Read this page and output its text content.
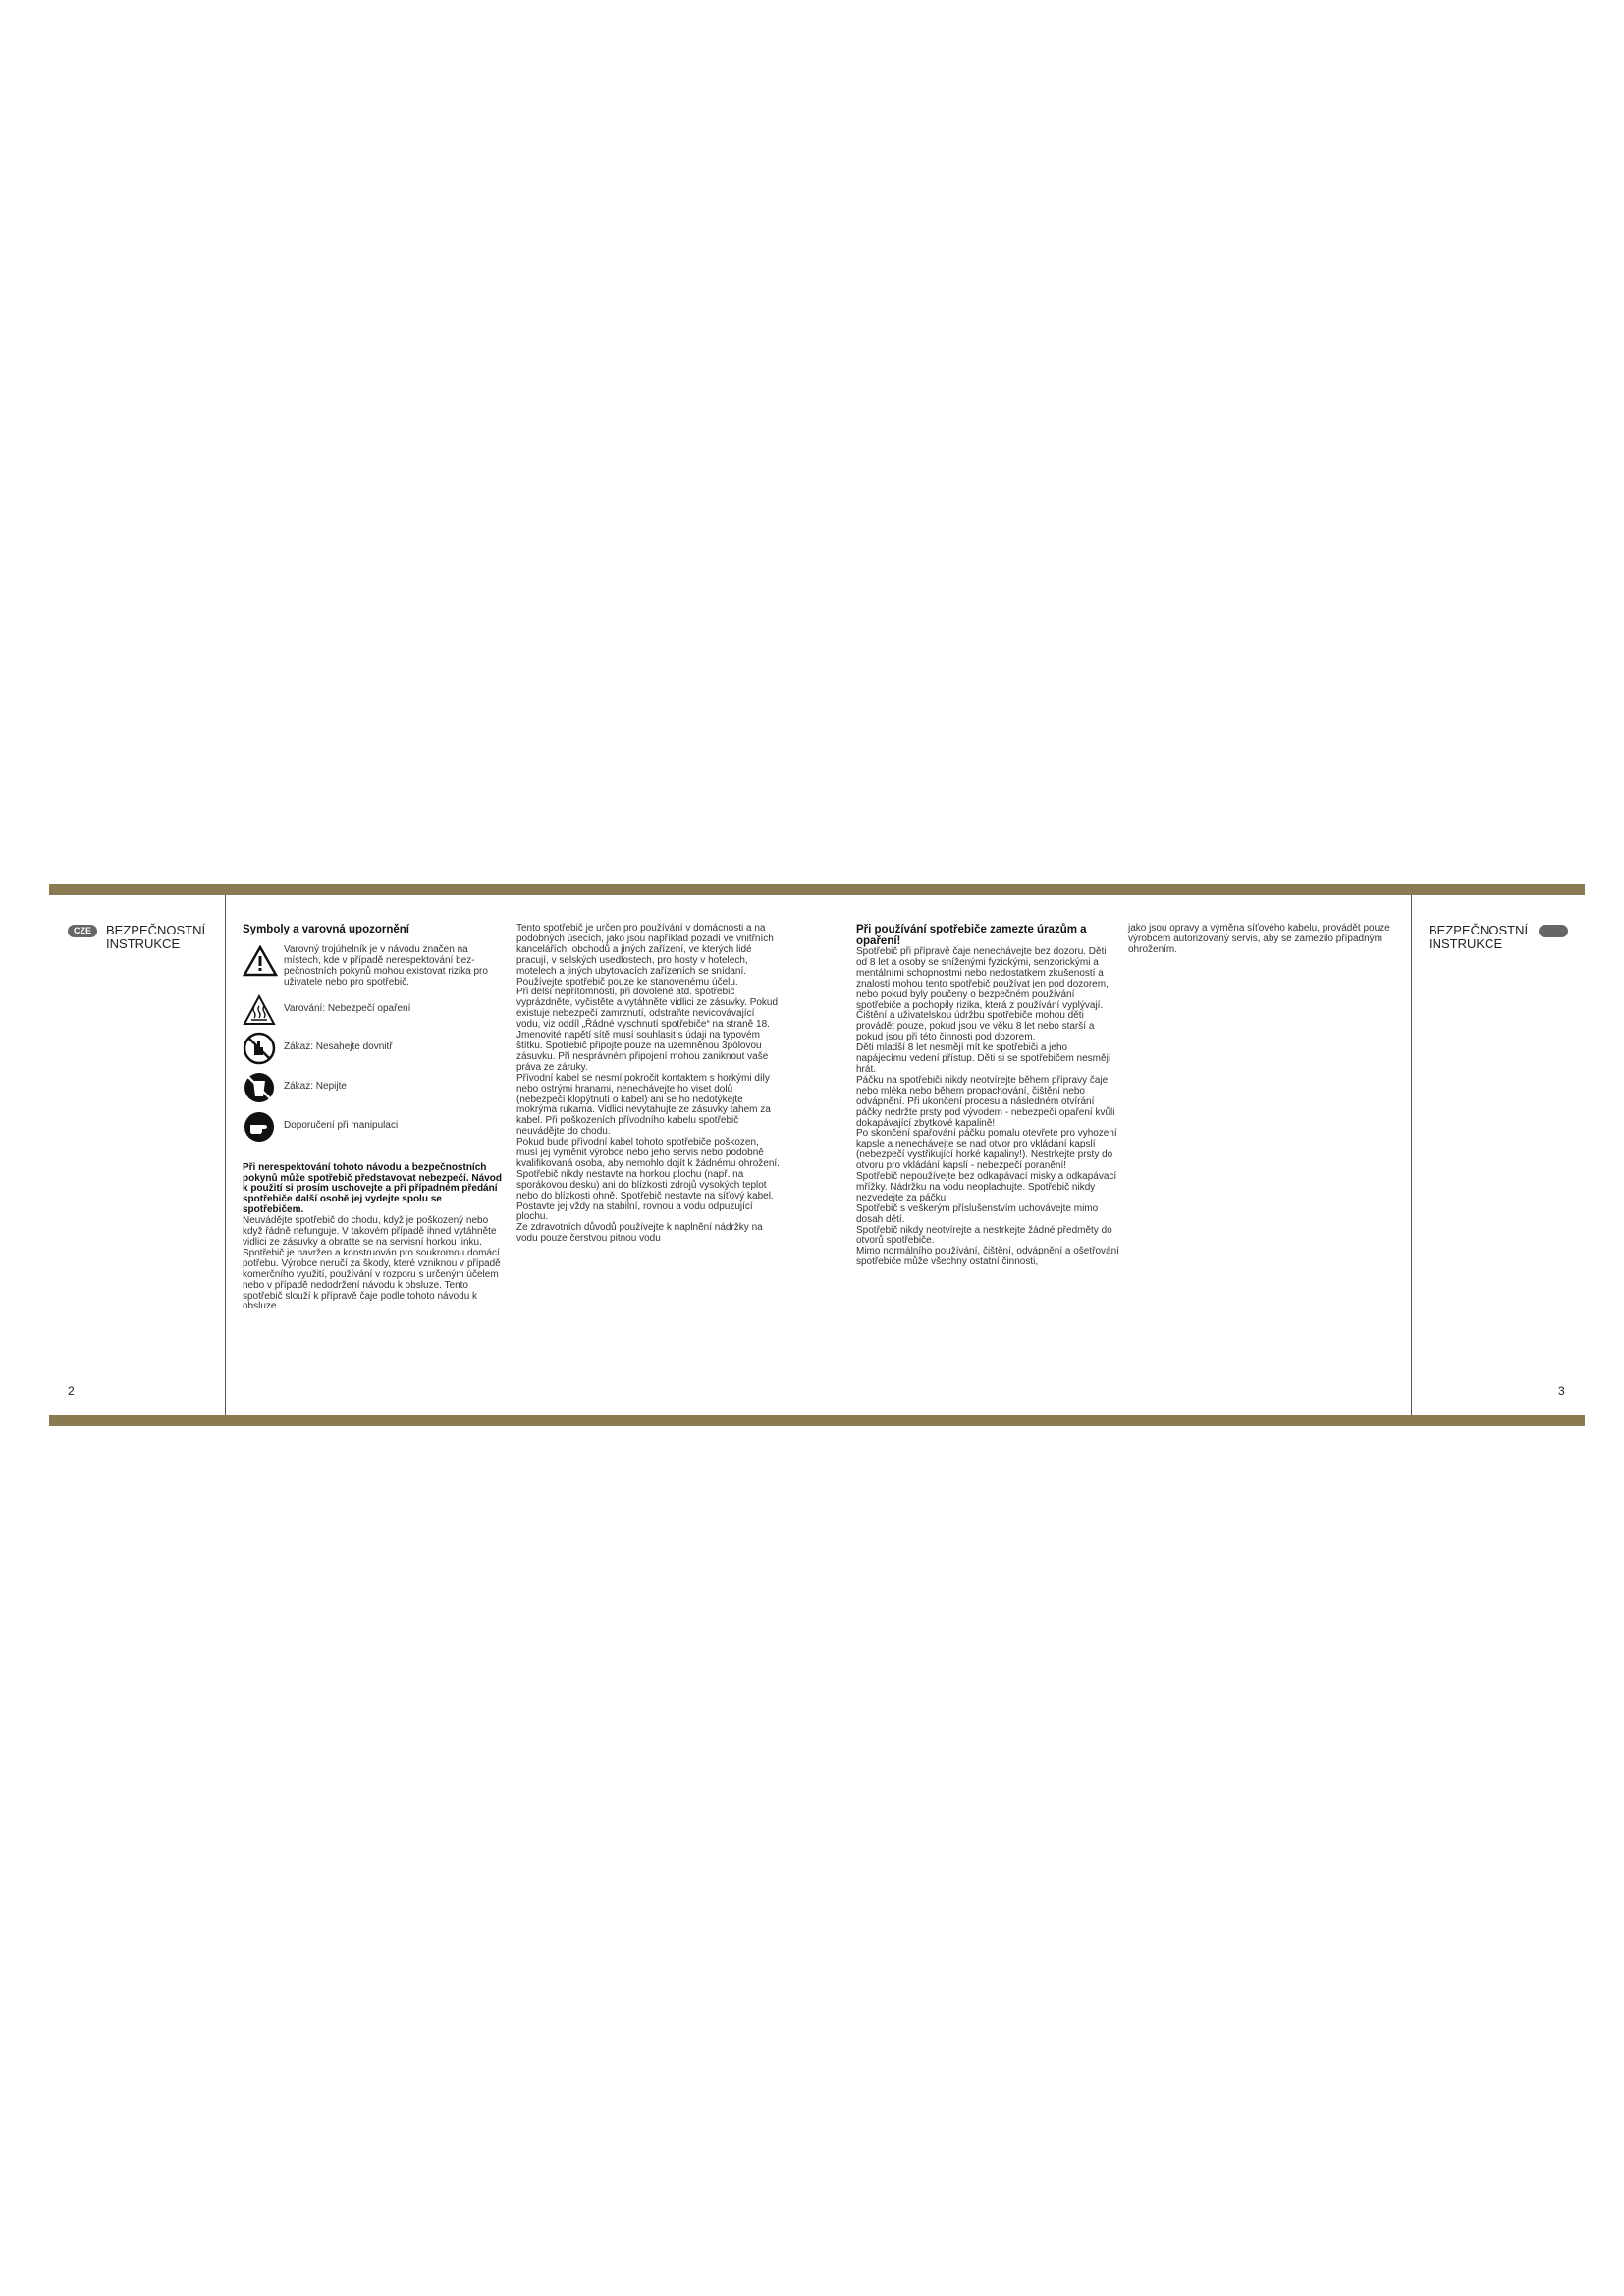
CZE	BEZPEČNOSTNÍ
INSTRUKCE
BEZPEČNOSTNÍ
INSTRUKCE
2	3
Symboly a varovná upozornění

Varovný trojúhelník je v návodu značen na místech, kde v případě nerespektování bezpečnostních pokynů mohou existovat rizika pro uživatele nebo pro spotřebič.

Varování: Nebezpečí opaření
Zákaz: Nesahejte dovnitř
Zákaz: Nepijte
Doporučení při manipulaci

Při nerespektování tohoto návodu a bezpečnostních pokynů může spotřebič představovat nebezpečí. Návod k použití si prosím uschovejte a při případném předání spotřebiče další osobě jej vydejte spolu se spotřebičem.

Neuvádějte spotřebič do chodu, když je poškozený nebo když řádně nefunguje. V takovém případě ihned vytáhněte vidlici ze zásuvky a obraťte se na servisní horkou linku.

Spotřebič je navržen a konstruován pro soukromou domácí potřebu. Výrobce neručí za škody, které vzniknou v případě komerčního využití, používání v rozporu s určeným účelem nebo v případě nedodržení návodu k obsluze. Tento spotřebič slouží k přípravě čaje podle tohoto návodu k obsluze.

Tento spotřebič je určen pro používání v domácnosti a na podobných úsecích, jako jsou například pozadí ve vnitřních kancelářích, obchodů a jiných zařízení, ve kterých lidé pracují, v selských usedlostech, pro hosty v hotelech, motelech a jiných ubytovacích zařízeních se snídaní. Používejte spotřebič pouze ke stanovenému účelu.

Při delší nepřítomnosti, při dovolené atd. spotřebič vyprázdněte, vyčistěte a vytáhněte vidlici ze zásuvky. Pokud existuje nebezpečí zamrznutí, odstraňte nevicovávající vodu, viz oddíl „Řádné vyschnutí spotřebiče“ na straně 18.

Jmenovité napětí sítě musí souhlasit s údaji na typovém štítku. Spotřebič připojte pouze na uzemněnou 3pólovou zásuvku. Při nesprávném připojení mohou zaniknout vaše práva ze záruky.

Přívodní kabel se nesmí pokročit kontaktem s horkými díly nebo ostrými hranami, nenechávejte ho viset dolů (nebezpečí klopýtnutí o kabel) ani se ho nedotýkejte mokrýma rukama. Vidlici nevytahujte ze zásuvky tahem za kabel. Při poškozeních přívodního kabelu spotřebič neuvádějte do chodu.

Pokud bude přívodní kabel tohoto spotřebiče poškozen, musí jej vyměnit výrobce nebo jeho servis nebo podobně kvalifikovaná osoba, aby nemohlo dojít k žádnému ohrožení.

Spotřebič nikdy nestavte na horkou plochu (např. na sporákovou desku) ani do blízkosti zdrojů vysokých teplot nebo do blízkosti ohně. Spotřebič nestavte na síťový kabel. Postavte jej vždy na stabilní, rovnou a vodu odpuzující plochu.

Ze zdravotních důvodů používejte k naplnění nádržky na vodu pouze čerstvou pitnou vodu

Při používání spotřebiče zamezte úrazům a opaření!

Spotřebič při přípravě čaje nenechávejte bez dozoru. Děti od 8 let a osoby se sníženými fyzickými, senzorickými a mentálními schopnostmi nebo nedostatkem zkušeností a znalostí mohou tento spotřebič používat jen pod dozorem, nebo pokud byly poučeny o bezpečném používání spotřebiče a pochopily rizika, která z používání vyplývají.

Čištění a uživatelskou údržbu spotřebiče mohou děti provádět pouze, pokud jsou ve věku 8 let nebo starší a pokud jsou při této činnosti pod dozorem.

Děti mladší 8 let nesmějí mít ke spotřebiči a jeho napájecímu vedení přístup. Děti si se spotřebičem nesmějí hrát.

Páčku na spotřebiči nikdy neotvírejte během přípravy čaje nebo mléka nebo během propachování, čištění nebo odvápnění. Při ukončení procesu a následném otvírání páčky nedržte prsty pod vývodem - nebezpečí opaření kvůli dokapávající zbytkové kapalině!

Po skončení spařování páčku pomalu otevřete pro vyhození kapsle a nenechávejte se nad otvor pro vkládání kapslí (nebezpečí vystřikující horké kapaliny!). Nestrkejte prsty do otvoru pro vkládání kapslí - nebezpečí poranění!

Spotřebič nepoužívejte bez odkapávací misky a odkapávací mřížky. Nádržku na vodu neoplachujte. Spotřebič nikdy nezvedejte za páčku.

Spotřebič s veškerým příslušenstvím uchovávejte mimo dosah dětí.

Spotřebič nikdy neotvírejte a nestrkejte žádné předměty do otvorů spotřebiče.

Mimo normálního používání, čištění, odvápnění a ošetřování spotřebiče může všechny ostatní činnosti,

jako jsou opravy a výměna síťového kabelu, provádět pouze výrobcem autorizovaný servis, aby se zamezilo případným ohrožením.
